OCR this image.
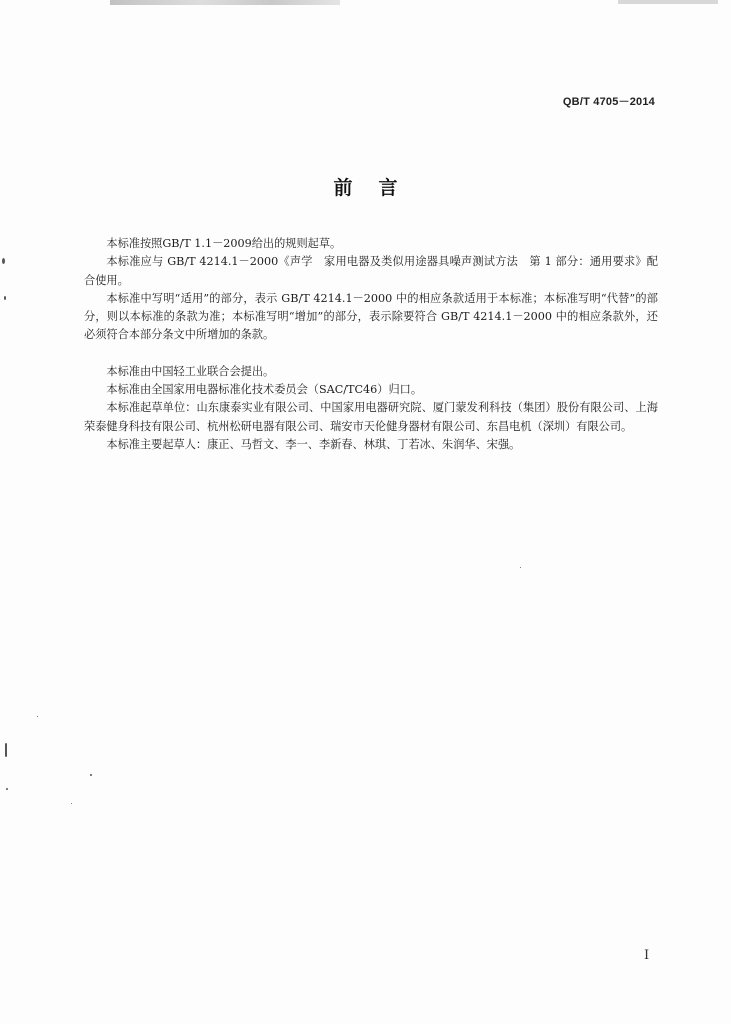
QB/T 4705－2014
前言

本标准按照GB/T 1.1－2009给出的规则起草。

本标准应与 GB/T 4214.1－2000《声学　家用电器及类似用途器具噪声测试方法　第 1 部分：通用要求》配合使用。

本标准中写明“适用”的部分，表示 GB/T 4214.1－2000 中的相应条款适用于本标准；本标准写明“代替”的部分，则以本标准的条款为准；本标准写明“增加”的部分，表示除要符合 GB/T 4214.1－2000 中的相应条款外，还必须符合本部分条文中所增加的条款。

本标准由中国轻工业联合会提出。

本标准由全国家用电器标准化技术委员会（SAC/TC46）归口。

本标准起草单位：山东康泰实业有限公司、中国家用电器研究院、厦门蒙发利科技（集团）股份有限公司、上海荣泰健身科技有限公司、杭州松研电器有限公司、瑞安市天伦健身器材有限公司、东昌电机（深圳）有限公司。

本标准主要起草人：康正、马哲文、李一、李新春、林琪、丁若冰、朱润华、宋强。

I
